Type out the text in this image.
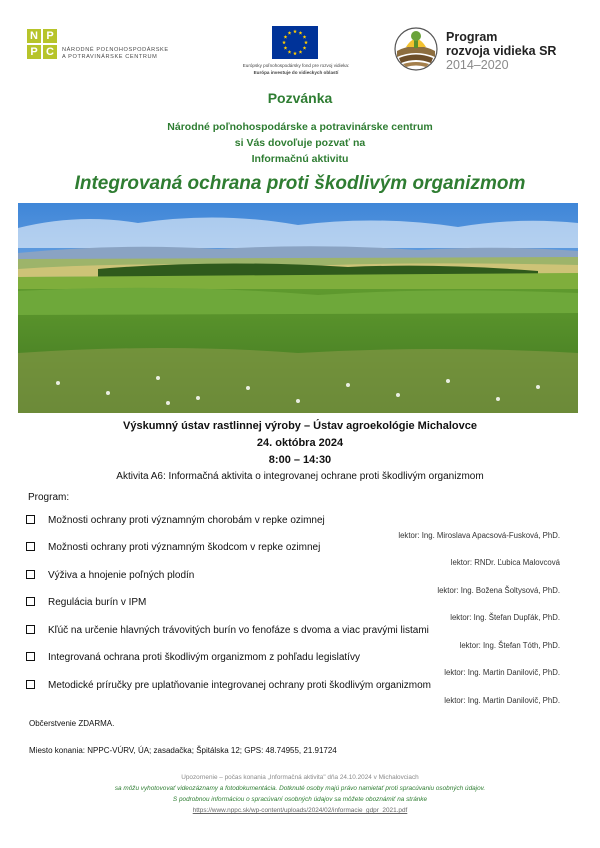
N P
P C	NÁRODNÉ POĽNOHOSPODÁRSKE
A POTRAVINÁRSKE CENTRUM
Európsky poľnohospodársky fond pre rozvoj vidieka:
Európa investuje do vidieckych oblastí
Program
rozvoja vidieka SR
2014–2020
Pozvánka
Národné poľnohospodárske a potravinárske centrum
si Vás dovoľuje pozvať na
Informačnú aktivitu
Integrovaná ochrana proti škodlivým organizmom
Výskumný ústav rastlinnej výroby – Ústav agroekológie Michalovce
24. októbra 2024
8:00 – 14:30
Aktivita A6: Informačná aktivita o integrovanej ochrane proti škodlivým organizmom
Program:
Možnosti ochrany proti významným chorobám v repke ozimnej
lektor: Ing. Miroslava Apacsová-Fusková, PhD.
Možnosti ochrany proti významným škodcom v repke ozimnej
lektor: RNDr. Ľubica Malovcová
Výživa a hnojenie poľných plodín
lektor: Ing. Božena Šoltysová, PhD.
Regulácia burín v IPM
lektor: Ing. Štefan Dupľák, PhD.
Kľúč na určenie hlavných trávovitých burín vo fenofáze s dvoma a viac pravými listami
lektor: Ing. Štefan Tóth, PhD.
Integrovaná ochrana proti škodlivým organizmom z pohľadu legislatívy
lektor: Ing. Martin Danilovič, PhD.
Metodické príručky pre uplatňovanie integrovanej ochrany proti škodlivým organizmom
lektor: Ing. Martin Danilovič, PhD.
Občerstvenie ZDARMA.
Miesto konania: NPPC-VÚRV, ÚA; zasadačka; Špitálska 12; GPS: 48.74955, 21.91724
Upozornenie – počas konania „Informačná aktivita" dňa 24.10.2024 v Michalovciach
sa môžu vyhotovovať videozáznamy a fotodokumentácia. Dotknuté osoby majú právo namietať proti spracúvaniu osobných údajov.
S podrobnou informáciou o spracúvaní osobných údajov sa môžete oboznámiť na stránke
https://www.nppc.sk/wp-content/uploads/2024/02/informacie_gdpr_2021.pdf
